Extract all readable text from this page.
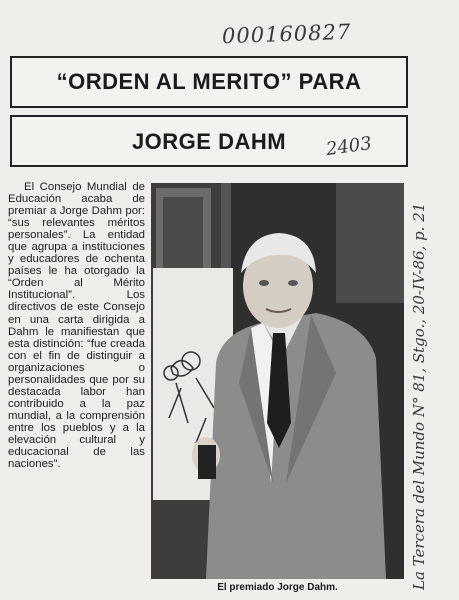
000160827
“ORDEN AL MERITO” PARA
JORGE DAHM	2403
La Tercera del Mundo N° 81, Stgo., 20-IV-86, p. 21

El Consejo Mundial de Educación acaba de premiar a Jorge Dahm por: “sus relevantes méritos personales”. La entidad que agrupa a instituciones y educadores de ochenta países le ha otorgado la “Orden al Mérito Institucional”. Los directivos de este Consejo en una carta dirigida a Dahm le manifiestan que esta distinción: “fue creada con el fin de distinguir a organizaciones o personalidades que por su destacada labor han contribuido a la paz mundial, a la comprensión entre los pueblos y a la elevación cultural y educacional de las naciones”.

El premiado Jorge Dahm.
